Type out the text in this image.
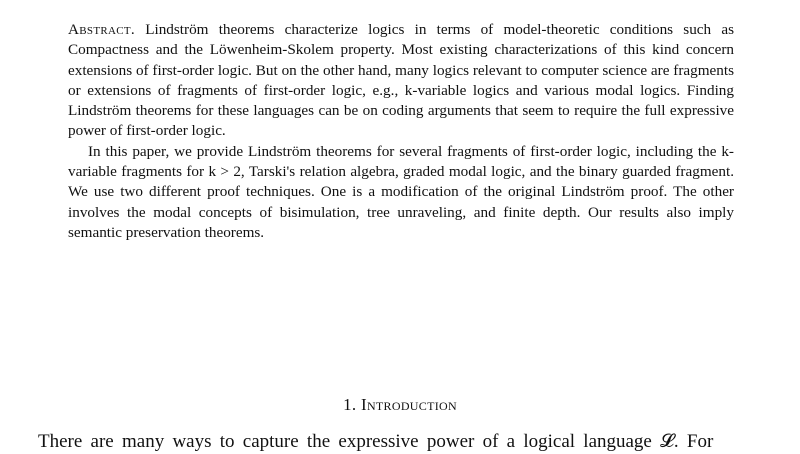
Abstract. Lindström theorems characterize logics in terms of model-theoretic conditions such as Compactness and the Löwenheim-Skolem property. Most existing characterizations of this kind concern extensions of first-order logic. But on the other hand, many logics relevant to computer science are fragments or extensions of fragments of first-order logic, e.g., k-variable logics and various modal logics. Finding Lindström theorems for these languages can be on coding arguments that seem to require the full expressive power of first-order logic.

In this paper, we provide Lindström theorems for several fragments of first-order logic, including the k-variable fragments for k > 2, Tarski's relation algebra, graded modal logic, and the binary guarded fragment. We use two different proof techniques. One is a modification of the original Lindström proof. The other involves the modal concepts of bisimulation, tree unraveling, and finite depth. Our results also imply semantic preservation theorems.

1. Introduction
There are many ways to capture the expressive power of a logical language 𝓛. For
